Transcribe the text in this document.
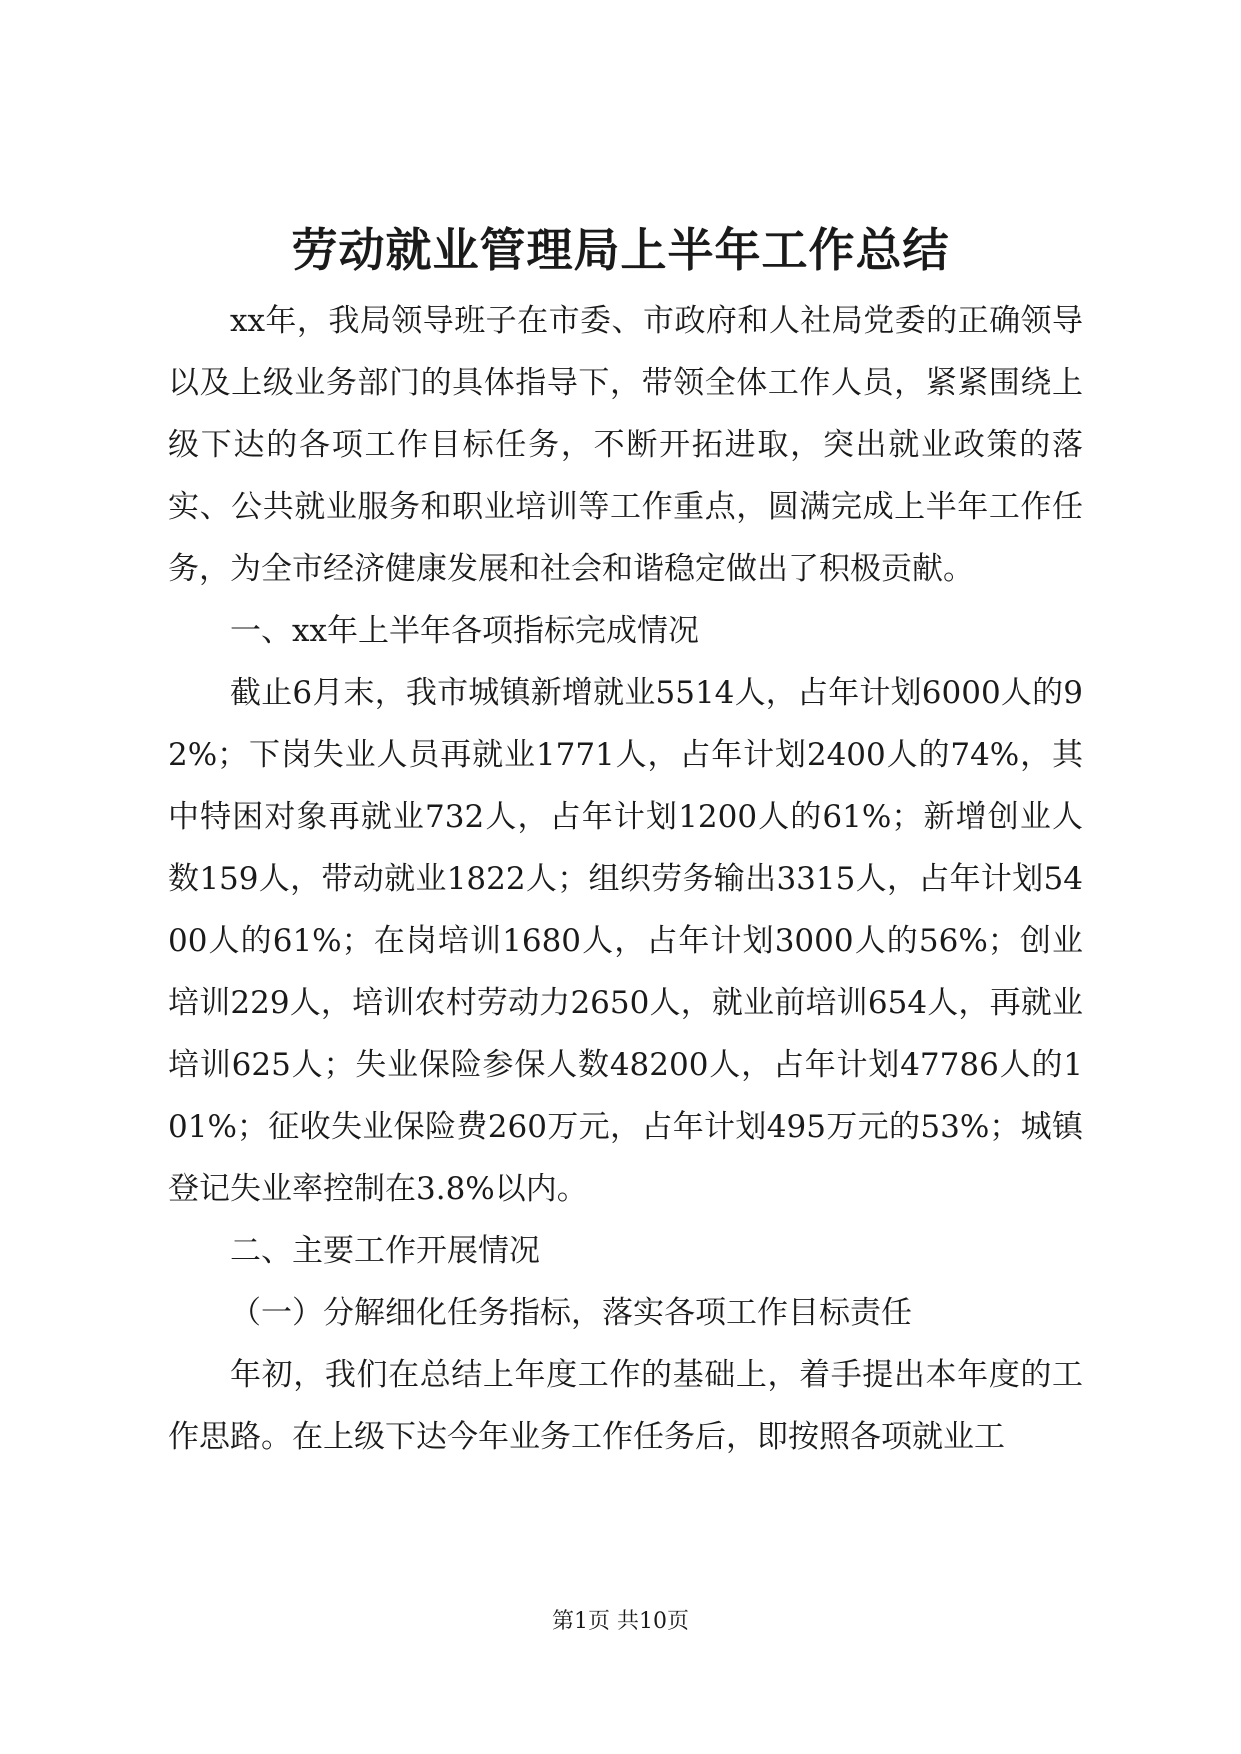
劳动就业管理局上半年工作总结

xx年，我局领导班子在市委、市政府和人社局党委的正确领导以及上级业务部门的具体指导下，带领全体工作人员，紧紧围绕上级下达的各项工作目标任务，不断开拓进取，突出就业政策的落实、公共就业服务和职业培训等工作重点，圆满完成上半年工作任务，为全市经济健康发展和社会和谐稳定做出了积极贡献。

一、xx年上半年各项指标完成情况

截止6月末，我市城镇新增就业5514人，占年计划6000人的92%；下岗失业人员再就业1771人，占年计划2400人的74%，其中特困对象再就业732人，占年计划1200人的61%；新增创业人数159人，带动就业1822人；组织劳务输出3315人，占年计划5400人的61%；在岗培训1680人，占年计划3000人的56%；创业培训229人，培训农村劳动力2650人，就业前培训654人，再就业培训625人；失业保险参保人数48200人，占年计划47786人的101%；征收失业保险费260万元，占年计划495万元的53%；城镇登记失业率控制在3.8%以内。

二、主要工作开展情况

（一）分解细化任务指标，落实各项工作目标责任

年初，我们在总结上年度工作的基础上，着手提出本年度的工作思路。在上级下达今年业务工作任务后，即按照各项就业工

第1页 共10页
